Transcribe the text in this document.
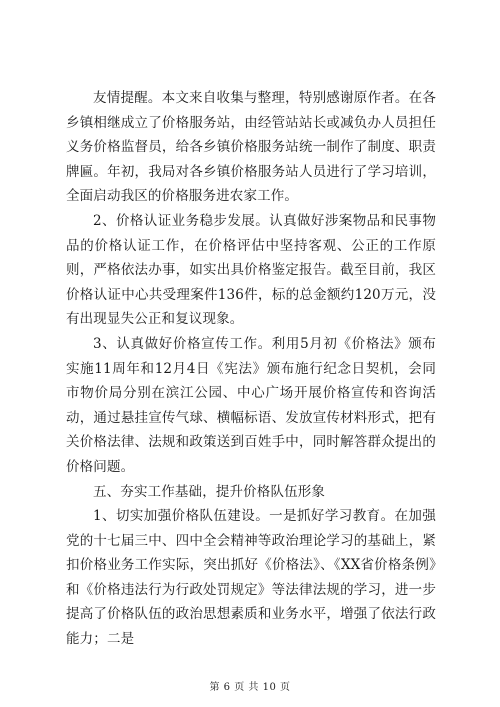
友情提醒。本文来自收集与整理，特别感谢原作者。在各乡镇相继成立了价格服务站，由经管站站长或减负办人员担任义务价格监督员，给各乡镇价格服务站统一制作了制度、职责牌匾。年初，我局对各乡镇价格服务站人员进行了学习培训，全面启动我区的价格服务进农家工作。

2、价格认证业务稳步发展。认真做好涉案物品和民事物品的价格认证工作，在价格评估中坚持客观、公正的工作原则，严格依法办事，如实出具价格鉴定报告。截至目前，我区价格认证中心共受理案件136件，标的总金额约120万元，没有出现显失公正和复议现象。

3、认真做好价格宣传工作。利用5月初《价格法》颁布实施11周年和12月4日《宪法》颁布施行纪念日契机，会同市物价局分别在滨江公园、中心广场开展价格宣传和咨询活动，通过悬挂宣传气球、横幅标语、发放宣传材料形式，把有关价格法律、法规和政策送到百姓手中，同时解答群众提出的价格问题。

五、夯实工作基础，提升价格队伍形象

1、切实加强价格队伍建设。一是抓好学习教育。在加强党的十七届三中、四中全会精神等政治理论学习的基础上，紧扣价格业务工作实际，突出抓好《价格法》、《XX省价格条例》和《价格违法行为行政处罚规定》等法律法规的学习，进一步提高了价格队伍的政治思想素质和业务水平，增强了依法行政能力；二是

第 6 页 共 10 页
